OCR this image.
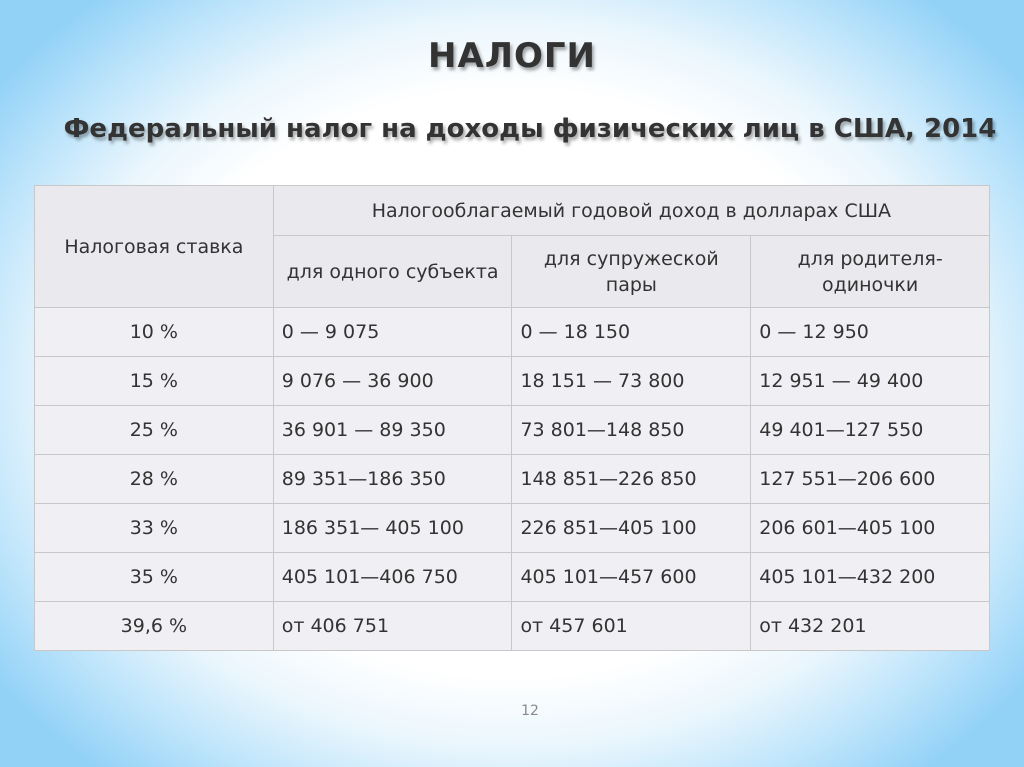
НАЛОГИ
Федеральный налог на доходы физических лиц в США, 2014
Налоговая ставка	Налогооблагаемый годовой доход в долларах США		
	для одного субъекта	для супружеской пары	для родителя-одиночки
10 %	0 — 9 075	0 — 18 150	0 — 12 950
15 %	9 076 — 36 900	18 151 — 73 800	12 951 — 49 400
25 %	36 901 — 89 350	73 801—148 850	49 401—127 550
28 %	89 351—186 350	148 851—226 850	127 551—206 600
33 %	186 351— 405 100	226 851—405 100	206 601—405 100
35 %	405 101—406 750	405 101—457 600	405 101—432 200
39,6 %	от 406 751	от 457 601	от 432 201
12
